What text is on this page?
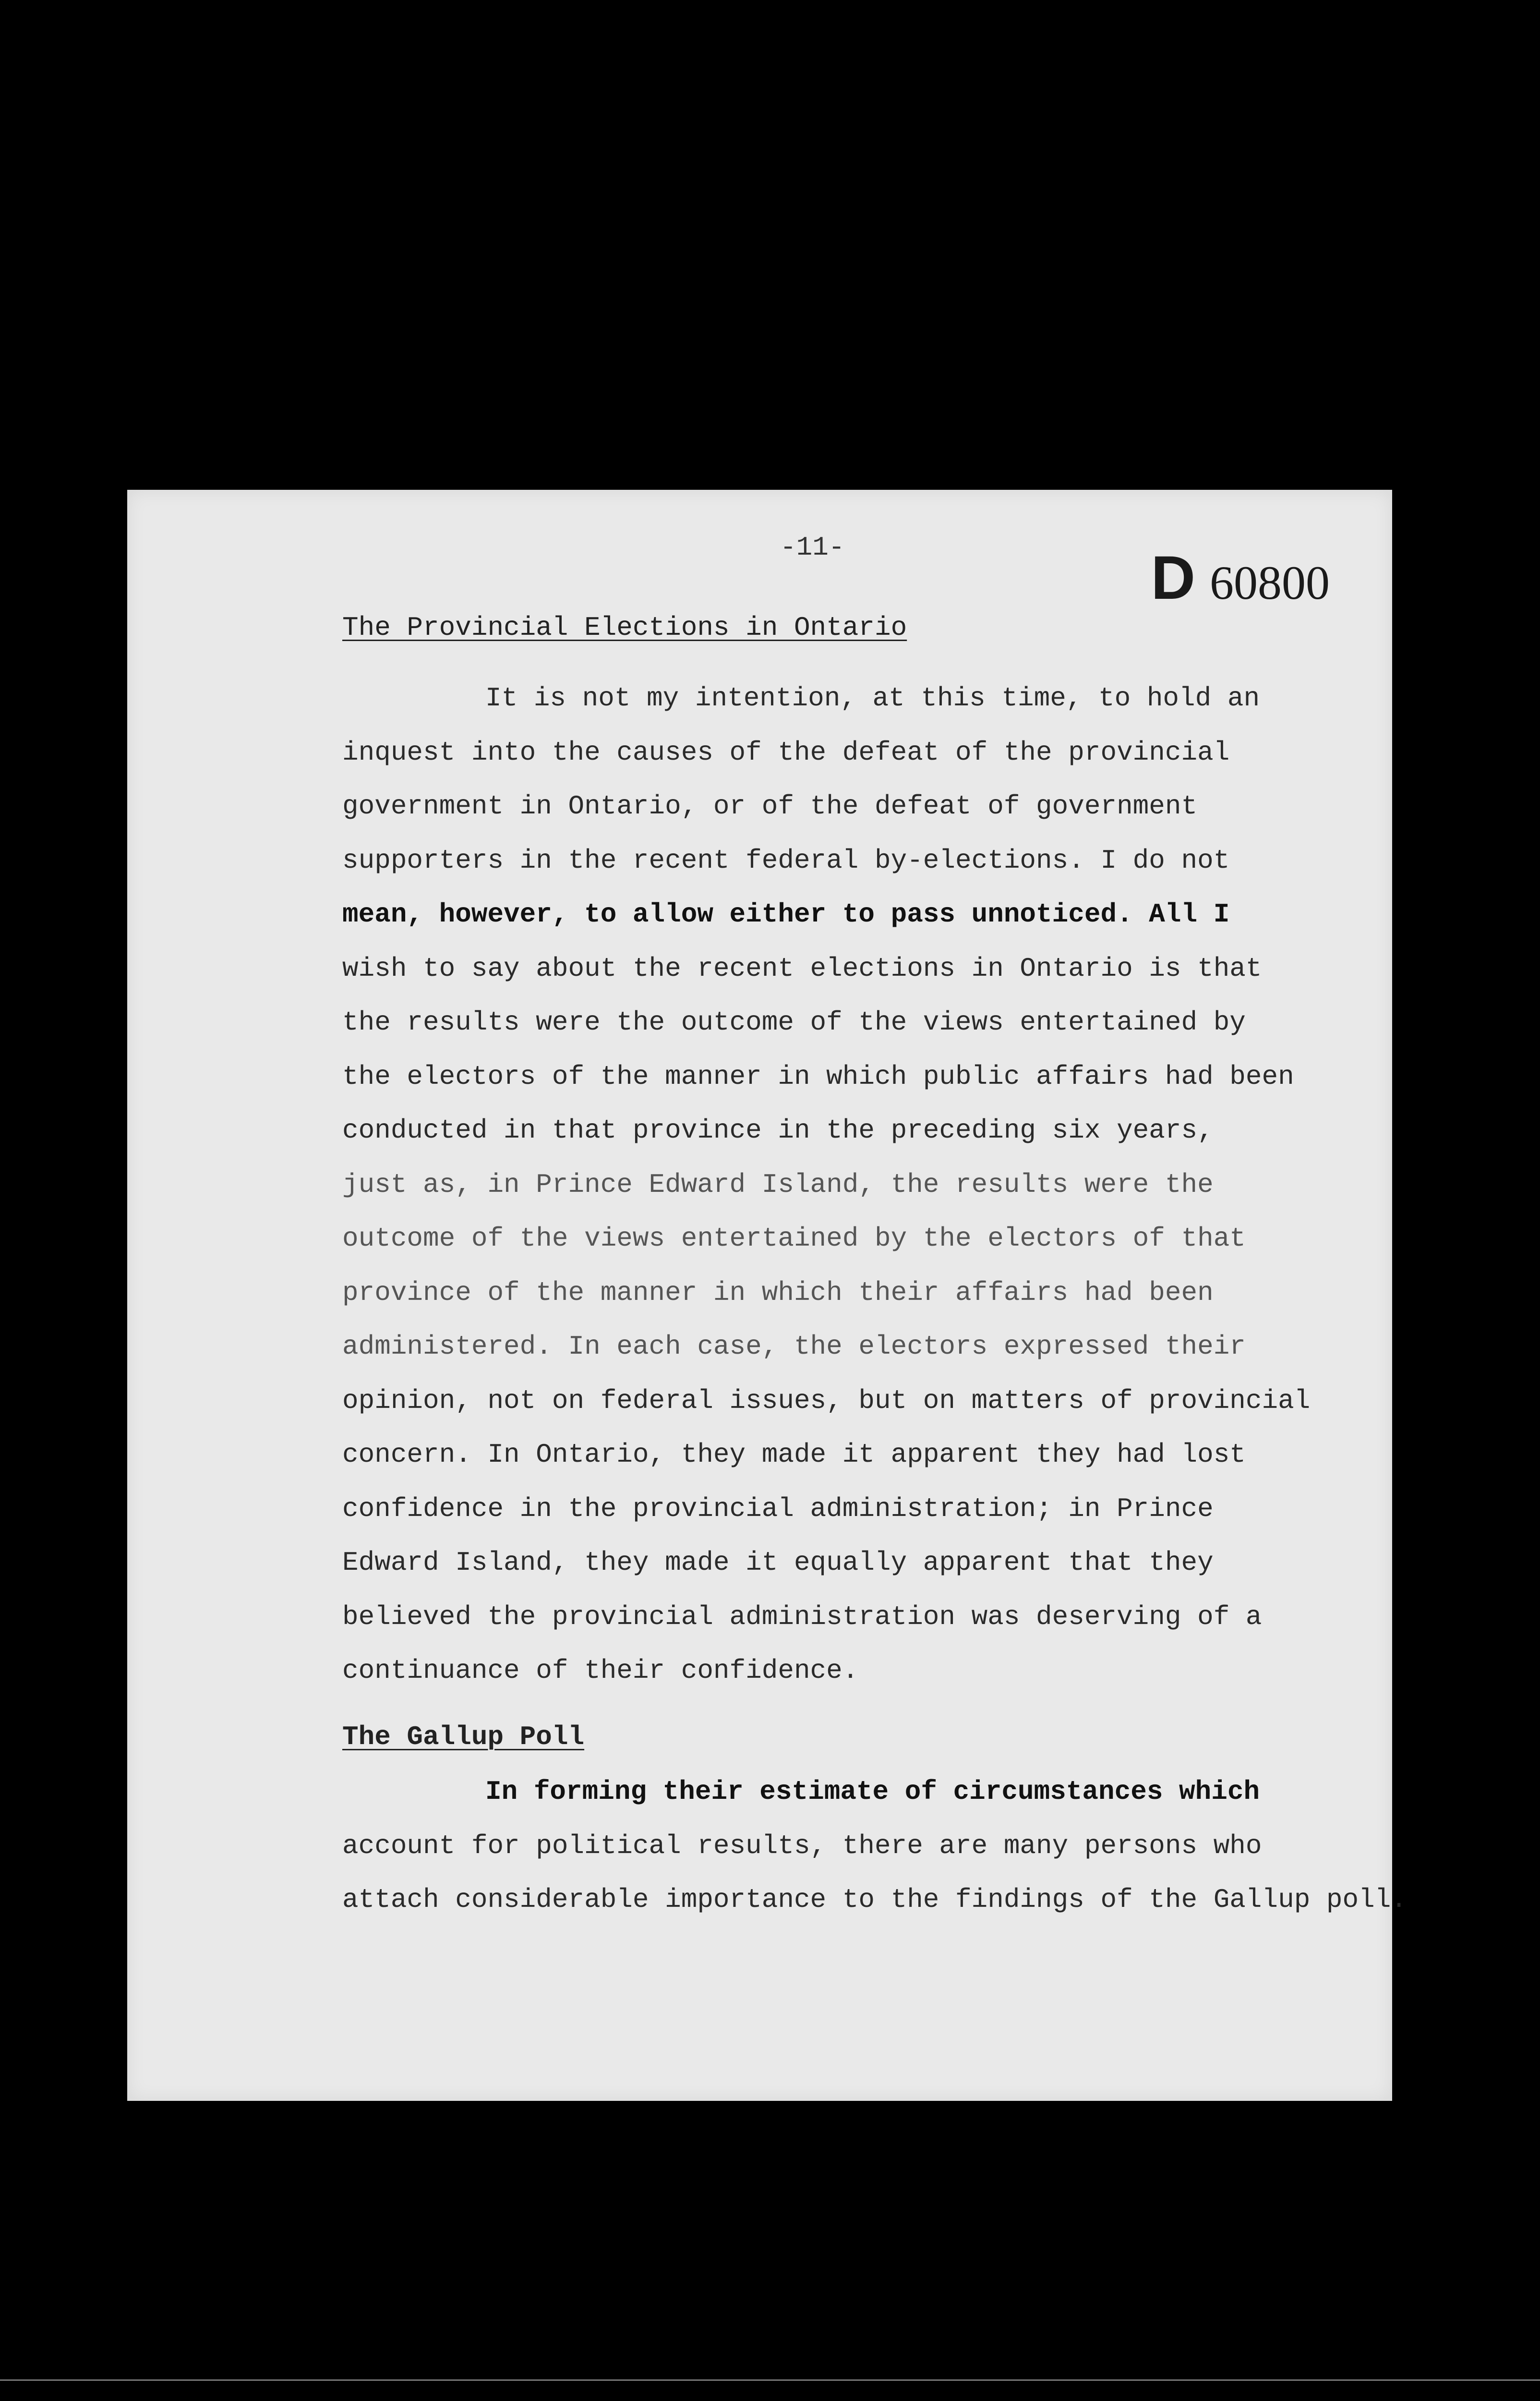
-11-	D 60800
The Provincial Elections in Ontario
It is not my intention, at this time, to hold an
inquest into the causes of the defeat of the provincial
government in Ontario, or of the defeat of government
supporters in the recent federal by-elections. I do not
mean, however, to allow either to pass unnoticed. All I
wish to say about the recent elections in Ontario is that
the results were the outcome of the views entertained by
the electors of the manner in which public affairs had been
conducted in that province in the preceding six years,
just as, in Prince Edward Island, the results were the
outcome of the views entertained by the electors of that
province of the manner in which their affairs had been
administered. In each case, the electors expressed their
opinion, not on federal issues, but on matters of provincial
concern. In Ontario, they made it apparent they had lost
confidence in the provincial administration; in Prince
Edward Island, they made it equally apparent that they
believed the provincial administration was deserving of a
continuance of their confidence.
The Gallup Poll
In forming their estimate of circumstances which
account for political results, there are many persons who
attach considerable importance to the findings of the Gallup poll.
